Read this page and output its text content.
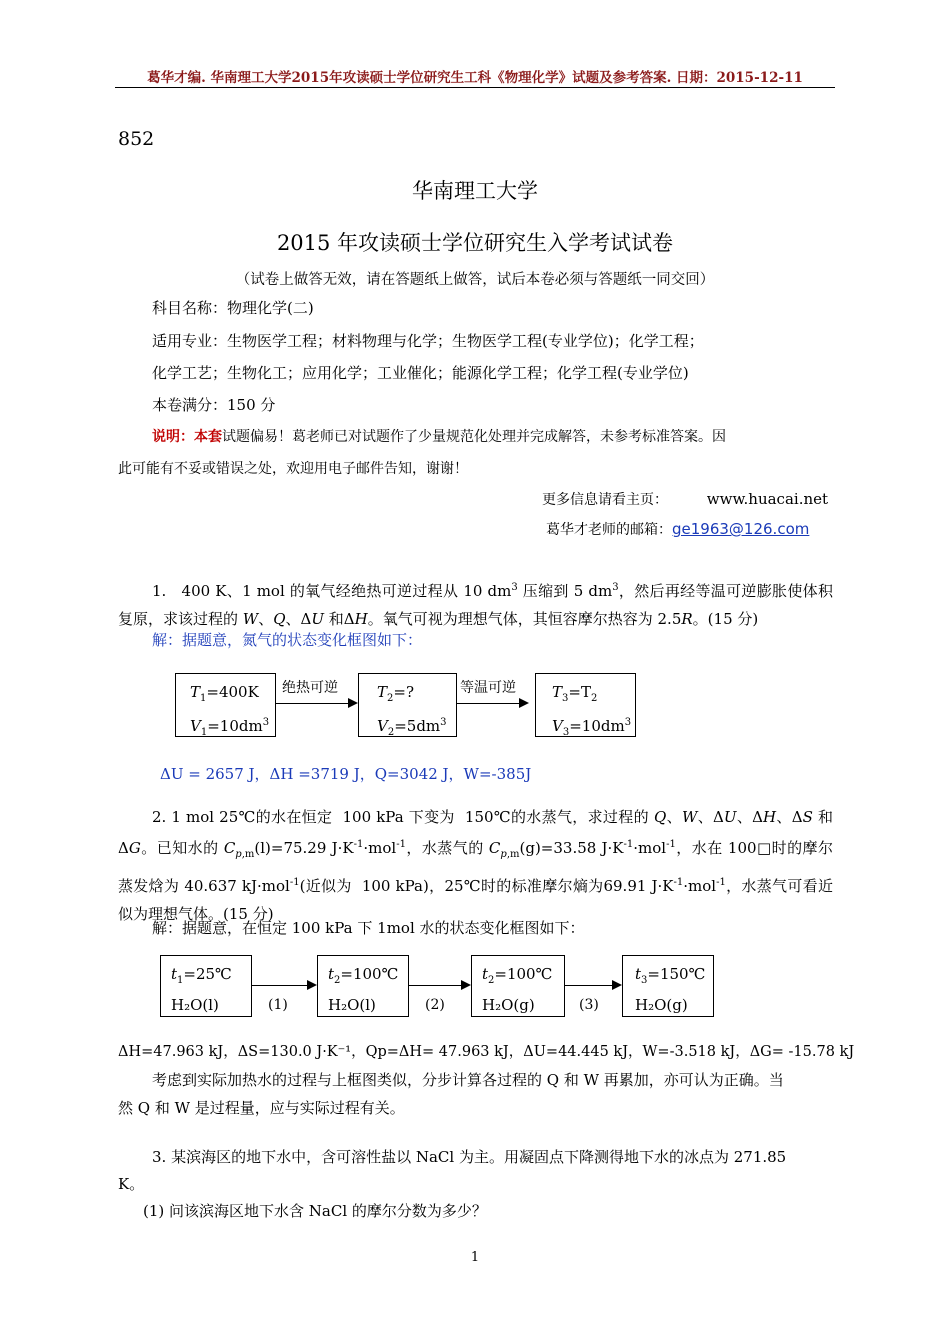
葛华才编. 华南理工大学2015年攻读硕士学位研究生工科《物理化学》试题及参考答案. 日期：2015-12-11
852
华南理工大学
2015 年攻读硕士学位研究生入学考试试卷
（试卷上做答无效，请在答题纸上做答，试后本卷必须与答题纸一同交回）
科目名称：物理化学(二)
适用专业：生物医学工程；材料物理与化学；生物医学工程(专业学位)；化学工程；
化学工艺；生物化工；应用化学；工业催化；能源化学工程；化学工程(专业学位)
本卷满分：150 分
说明：本套试题偏易！葛老师已对试题作了少量规范化处理并完成解答，未参考标准答案。因
此可能有不妥或错误之处，欢迎用电子邮件告知，谢谢！
更多信息请看主页：	www.huacai.net
葛华才老师的邮箱：ge1963@126.com
1.   400 K、1 mol 的氧气经绝热可逆过程从 10 $dm^3$ 压缩到 5 $dm^3$，然后再经等温可逆膨胀使体积复原，求该过程的 W、Q、ΔU 和ΔH。氧气可视为理想气体，其恒容摩尔热容为 2.5R。(15 分)
解：据题意，氮气的状态变化框图如下：
$T_1=400K$
$V_1=10dm^3$
绝热可逆	$T_2=$?
$V_2=5dm^3$
等温可逆 $T_3=T_2$
$V_3=10dm^3$
ΔU = 2657 J，ΔH =3719 J，Q=3042 J，W=-385J
2. 1 mol 25℃的水在恒定  100 kPa 下变为  150℃的水蒸气，求过程的 Q、W、ΔU、ΔH、ΔS 和ΔG。已知水的 $C_{p,m}(l)=75.29$ $J\cdot K^{-1}\cdot mol^{-1}$，水蒸气的 $C_{p,m}(g)=33.58$ $J\cdot K^{-1}\cdot mol^{-1}$，水在 100□时的摩尔蒸发焓为 40.637 kJ·mol$^{-1}$(近似为  100 kPa)，25℃时的标准摩尔熵为69.91 $J\cdot K^{-1}\cdot mol^{-1}$，水蒸气可看近似为理想气体。(15 分)
解：据题意，在恒定 100 kPa 下 1mol 水的状态变化框图如下：
$t_1=25℃$
H₂O(l)	(1)
$t_2=100℃$
H₂O(l)	(2)
$t_2=100℃$
H₂O(g)	(3)
$t_3=150℃$
H₂O(g)
ΔH=47.963 kJ，ΔS=130.0 J·K⁻¹，Qp=ΔH= 47.963 kJ，ΔU=44.445 kJ，W=-3.518 kJ，ΔG= -15.78 kJ
考虑到实际加热水的过程与上框图类似，分步计算各过程的 Q 和 W 再累加，亦可认为正确。当
然 Q 和 W 是过程量，应与实际过程有关。
3. 某滨海区的地下水中，含可溶性盐以 NaCl 为主。用凝固点下降测得地下水的冰点为 271.85
K。
(1) 问该滨海区地下水含 NaCl 的摩尔分数为多少？
1
